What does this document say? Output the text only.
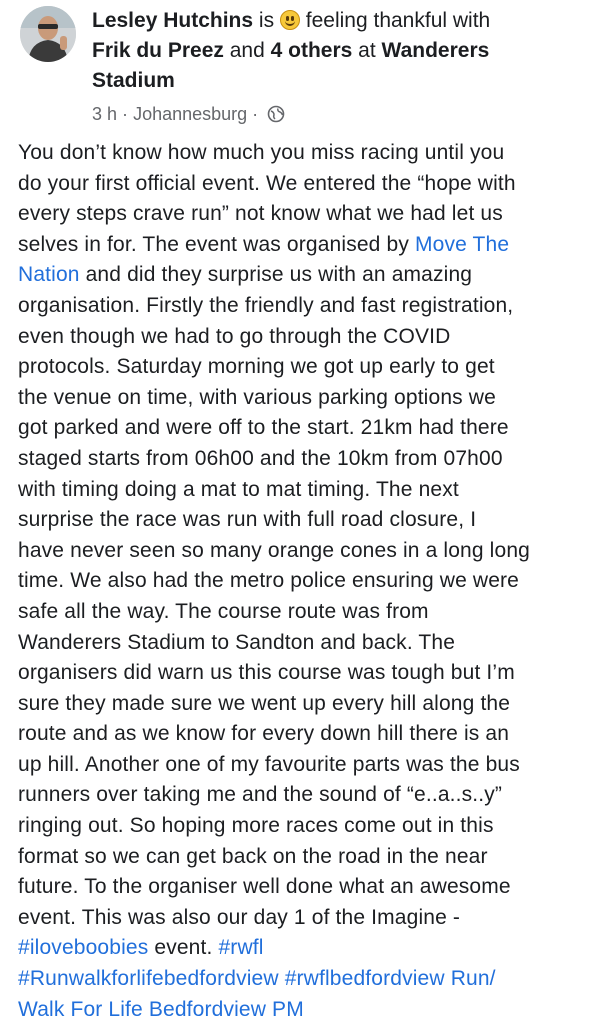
Lesley Hutchins is feeling thankful with
Frik du Preez and 4 others at Wanderers
Stadium
3 h · Johannesburg ·
You don’t know how much you miss racing until you
do your first official event. We entered the “hope with
every steps crave run” not know what we had let us
selves in for. The event was organised by Move The
Nation and did they surprise us with an amazing
organisation. Firstly the friendly and fast registration,
even though we had to go through the COVID
protocols. Saturday morning we got up early to get
the venue on time, with various parking options we
got parked and were off to the start. 21km had there
staged starts from 06h00 and the 10km from 07h00
with timing doing a mat to mat timing. The next
surprise the race was run with full road closure, I
have never seen so many orange cones in a long long
time. We also had the metro police ensuring we were
safe all the way. The course route was from
Wanderers Stadium to Sandton and back. The
organisers did warn us this course was tough but I’m
sure they made sure we went up every hill along the
route and as we know for every down hill there is an
up hill. Another one of my favourite parts was the bus
runners over taking me and the sound of “e..a..s..y”
ringing out. So hoping more races come out in this
format so we can get back on the road in the near
future. To the organiser well done what an awesome
event. This was also our day 1 of the Imagine -
#iloveboobies event. #rwfl
#Runwalkforlifebedfordview #rwflbedfordview Run/
Walk For Life Bedfordview PM
